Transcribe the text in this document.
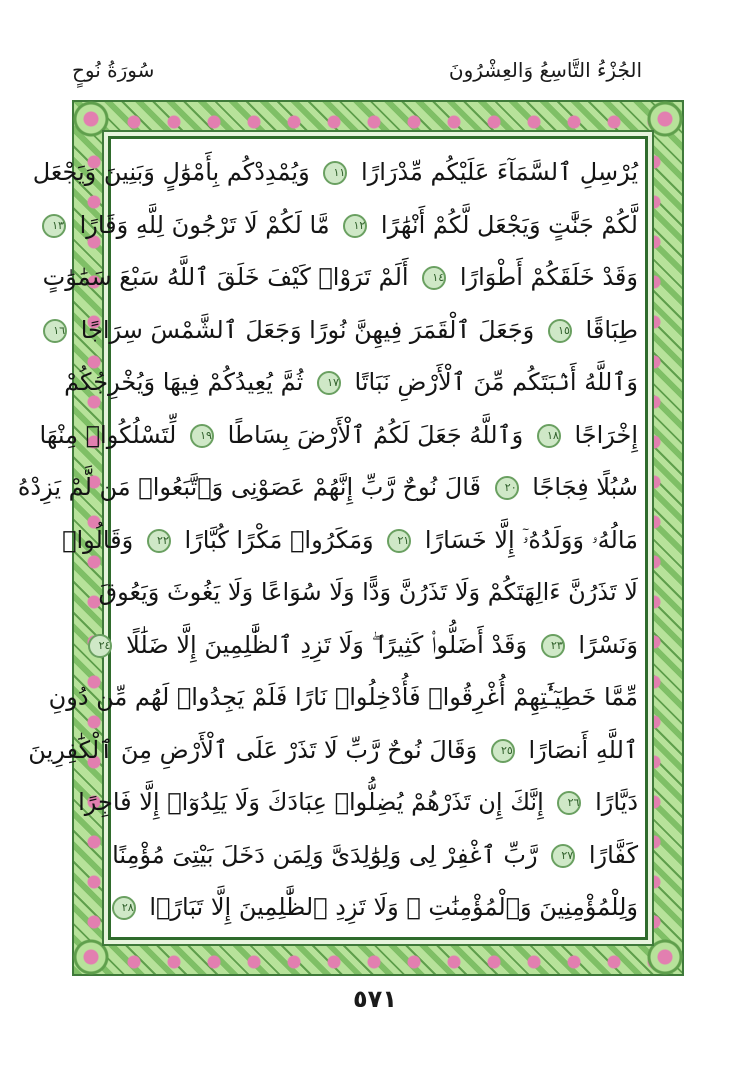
الجُزْءُ التَّاسِعُ وَالعِشْرُونَ
سُورَةُ نُوحٍ
يُرْسِلِ ٱلسَّمَآءَ عَلَيْكُم مِّدْرَارًا ١١ وَيُمْدِدْكُم بِأَمْوَٰلٍ وَبَنِينَ وَيَجْعَل
لَّكُمْ جَنَّٰتٍ وَيَجْعَل لَّكُمْ أَنْهَٰرًا ١٢ مَّا لَكُمْ لَا تَرْجُونَ لِلَّهِ وَقَارًا ١٣
وَقَدْ خَلَقَكُمْ أَطْوَارًا ١٤ أَلَمْ تَرَوْا۟ كَيْفَ خَلَقَ ٱللَّهُ سَبْعَ سَمَٰوَٰتٍ
طِبَاقًا ١٥ وَجَعَلَ ٱلْقَمَرَ فِيهِنَّ نُورًا وَجَعَلَ ٱلشَّمْسَ سِرَاجًا ١٦
وَٱللَّهُ أَنۢبَتَكُم مِّنَ ٱلْأَرْضِ نَبَاتًا ١٧ ثُمَّ يُعِيدُكُمْ فِيهَا وَيُخْرِجُكُمْ
إِخْرَاجًا ١٨ وَٱللَّهُ جَعَلَ لَكُمُ ٱلْأَرْضَ بِسَاطًا ١٩ لِّتَسْلُكُوا۟ مِنْهَا
سُبُلًا فِجَاجًا ٢٠ قَالَ نُوحٌ رَّبِّ إِنَّهُمْ عَصَوْنِى وَٱتَّبَعُوا۟ مَن لَّمْ يَزِدْهُ
مَالُهُۥ وَوَلَدُهُۥٓ إِلَّا خَسَارًا ٢١ وَمَكَرُوا۟ مَكْرًا كُبَّارًا ٢٢ وَقَالُوا۟
لَا تَذَرُنَّ ءَالِهَتَكُمْ وَلَا تَذَرُنَّ وَدًّا وَلَا سُوَاعًا وَلَا يَغُوثَ وَيَعُوقَ
وَنَسْرًا ٢٣ وَقَدْ أَضَلُّوا۟ كَثِيرًا ۖ وَلَا تَزِدِ ٱلظَّٰلِمِينَ إِلَّا ضَلَٰلًا ٢٤
مِّمَّا خَطِيٓـَٰٔتِهِمْ أُغْرِقُوا۟ فَأُدْخِلُوا۟ نَارًا فَلَمْ يَجِدُوا۟ لَهُم مِّن دُونِ
ٱللَّهِ أَنصَارًا ٢٥ وَقَالَ نُوحٌ رَّبِّ لَا تَذَرْ عَلَى ٱلْأَرْضِ مِنَ ٱلْكَٰفِرِينَ
دَيَّارًا ٢٦ إِنَّكَ إِن تَذَرْهُمْ يُضِلُّوا۟ عِبَادَكَ وَلَا يَلِدُوٓا۟ إِلَّا فَاجِرًا
كَفَّارًا ٢٧ رَّبِّ ٱغْفِرْ لِى وَلِوَٰلِدَىَّ وَلِمَن دَخَلَ بَيْتِىَ مُؤْمِنًا
وَلِلْمُؤْمِنِينَ وَٱلْمُؤْمِنَٰتِ ۖ وَلَا تَزِدِ ٱلظَّٰلِمِينَ إِلَّا تَبَارًۢا ٢٨
٥٧١
